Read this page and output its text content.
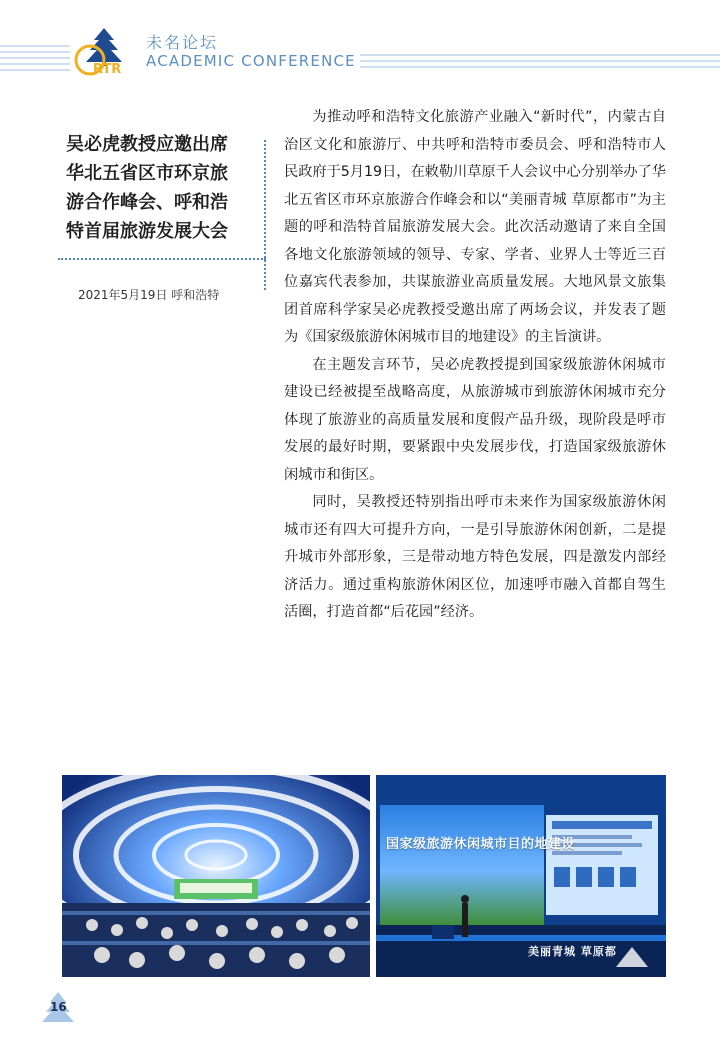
RTR
未名论坛
ACADEMIC CONFERENCE
吴必虎教授应邀出席
华北五省区市环京旅
游合作峰会、呼和浩
特首届旅游发展大会
2021年5月19日 呼和浩特

为推动呼和浩特文化旅游产业融入“新时代”，内蒙古自治区文化和旅游厅、中共呼和浩特市委员会、呼和浩特市人民政府于5月19日，在敕勒川草原千人会议中心分别举办了华北五省区市环京旅游合作峰会和以“美丽青城 草原都市”为主题的呼和浩特首届旅游发展大会。此次活动邀请了来自全国各地文化旅游领域的领导、专家、学者、业界人士等近三百位嘉宾代表参加，共谋旅游业高质量发展。大地风景文旅集团首席科学家吴必虎教授受邀出席了两场会议，并发表了题为《国家级旅游休闲城市目的地建设》的主旨演讲。

在主题发言环节，吴必虎教授提到国家级旅游休闲城市建设已经被提至战略高度，从旅游城市到旅游休闲城市充分体现了旅游业的高质量发展和度假产品升级，现阶段是呼市发展的最好时期，要紧跟中央发展步伐，打造国家级旅游休闲城市和街区。

同时，吴教授还特别指出呼市未来作为国家级旅游休闲城市还有四大可提升方向，一是引导旅游休闲创新，二是提升城市外部形象，三是带动地方特色发展，四是激发内部经济活力。通过重构旅游休闲区位，加速呼市融入首都自驾生活圈，打造首都“后花园”经济。

国家级旅游休闲城市目的地建设
美丽青城 草原都
16
